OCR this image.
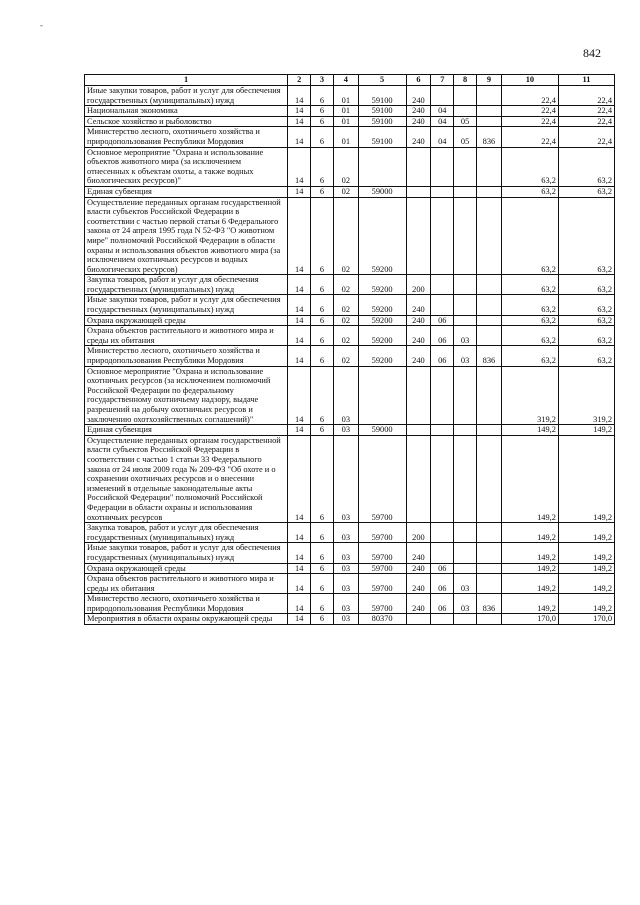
-
842
1	2	3	4	5	6	7	8	9	10	11
Иные закупки товаров, работ и услуг для обеспечения государственных (муниципальных) нужд	14	6	01	59100	240				22,4	22,4
Национальная экономика	14	6	01	59100	240	04			22,4	22,4
Сельское хозяйство и рыболовство	14	6	01	59100	240	04	05		22,4	22,4
Министерство лесного, охотничьего хозяйства и природопользования Республики Мордовия	14	6	01	59100	240	04	05	836	22,4	22,4
Основное мероприятие "Охрана и использование объектов животного мира (за исключением отнесенных к объектам охоты, а также водных биологических ресурсов)"	14	6	02						63,2	63,2
Единая субвенция	14	6	02	59000					63,2	63,2
Осуществление переданных органам государственной власти субъектов Российской Федерации в соответствии с частью первой статьи 6 Федерального закона от 24 апреля 1995 года N 52-ФЗ "О животном мире" полномочий Российской Федерации в области охраны и использования объектов животного мира (за исключением охотничьих ресурсов и водных биологических ресурсов)	14	6	02	59200					63,2	63,2
Закупка товаров, работ и услуг для обеспечения государственных (муниципальных) нужд	14	6	02	59200	200				63,2	63,2
Иные закупки товаров, работ и услуг для обеспечения государственных (муниципальных) нужд	14	6	02	59200	240				63,2	63,2
Охрана окружающей среды	14	6	02	59200	240	06			63,2	63,2
Охрана объектов растительного и животного мира и среды их обитания	14	6	02	59200	240	06	03		63,2	63,2
Министерство лесного, охотничьего хозяйства и природопользования Республики Мордовия	14	6	02	59200	240	06	03	836	63,2	63,2
Основное мероприятие "Охрана и использование охотничьих ресурсов (за исключением полномочий Российской Федерации по федеральному государственному охотничьему надзору, выдаче разрешений на добычу охотничьих ресурсов и заключению охотхозяйственных соглашений)"	14	6	03						319,2	319,2
Единая субвенция	14	6	03	59000					149,2	149,2
Осуществление переданных органам государственной власти субъектов Российской Федерации в соответствии с частью 1 статьи 33 Федерального закона от 24 июля 2009 года № 209-ФЗ "Об охоте и о сохранении охотничьих ресурсов и о внесении изменений в отдельные законодательные акты Российской Федерации" полномочий Российской Федерации в области охраны и использования охотничьих ресурсов	14	6	03	59700					149,2	149,2
Закупка товаров, работ и услуг для обеспечения государственных (муниципальных) нужд	14	6	03	59700	200				149,2	149,2
Иные закупки товаров, работ и услуг для обеспечения государственных (муниципальных) нужд	14	6	03	59700	240				149,2	149,2
Охрана окружающей среды	14	6	03	59700	240	06			149,2	149,2
Охрана объектов растительного и животного мира и среды их обитания	14	6	03	59700	240	06	03		149,2	149,2
Министерство лесного, охотничьего хозяйства и природопользования Республики Мордовия	14	6	03	59700	240	06	03	836	149,2	149,2
Мероприятия в области охраны окружающей среды	14	6	03	80370					170,0	170,0
